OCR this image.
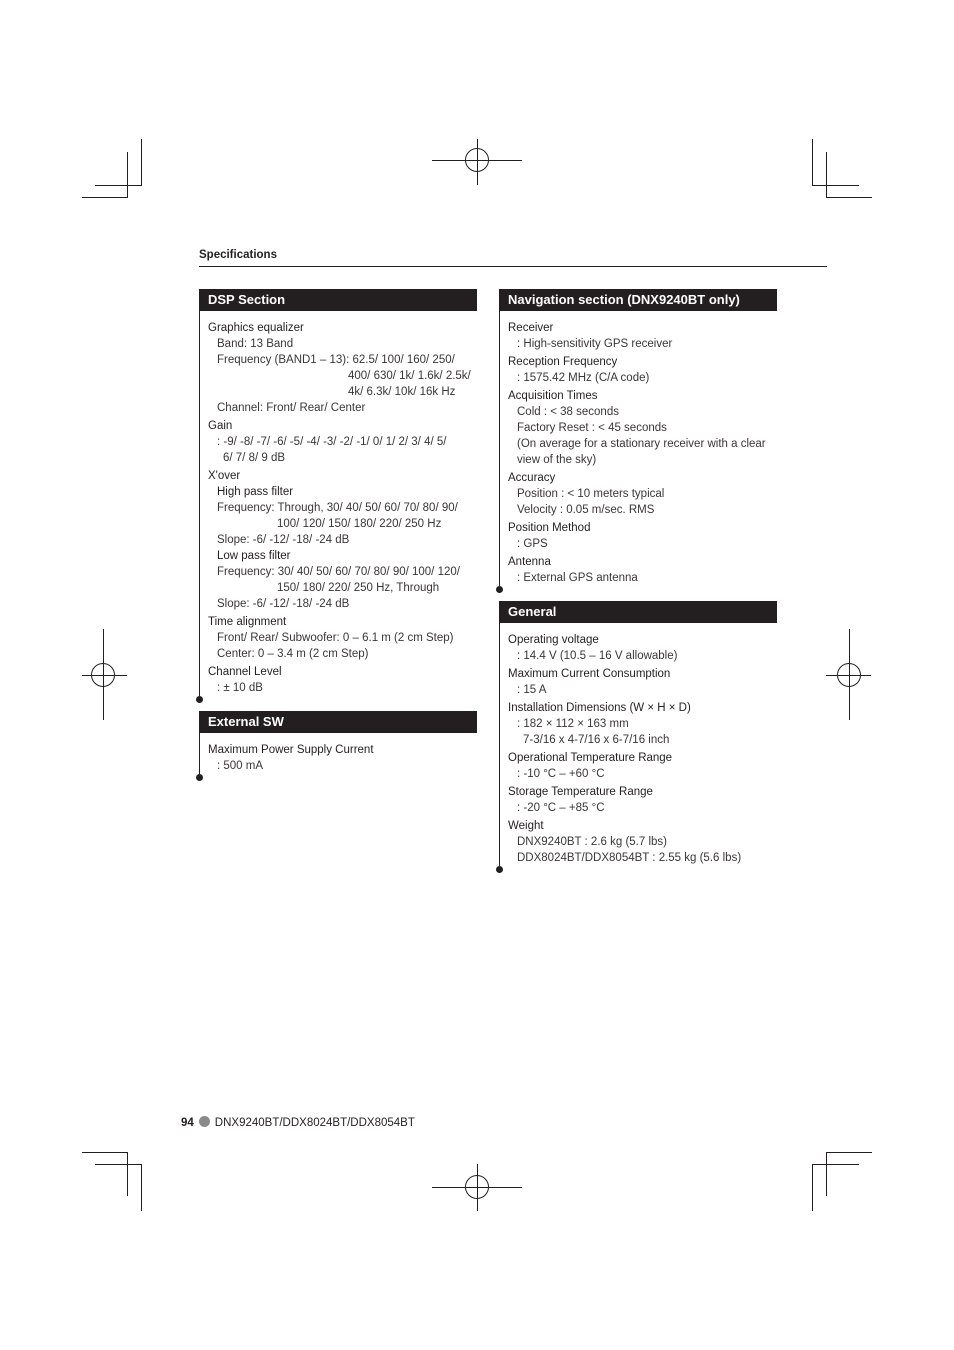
Specifications
DSP Section
Graphics equalizer
Band: 13 Band
Frequency (BAND1 – 13): 62.5/ 100/ 160/ 250/
400/ 630/ 1k/ 1.6k/ 2.5k/
4k/ 6.3k/ 10k/ 16k Hz
Channel: Front/ Rear/ Center
Gain
: -9/ -8/ -7/ -6/ -5/ -4/ -3/ -2/ -1/ 0/ 1/ 2/ 3/ 4/ 5/
6/ 7/ 8/ 9 dB
X'over
High pass filter
Frequency: Through, 30/ 40/ 50/ 60/ 70/ 80/ 90/
100/ 120/ 150/ 180/ 220/ 250 Hz
Slope: -6/ -12/ -18/ -24 dB
Low pass filter
Frequency: 30/ 40/ 50/ 60/ 70/ 80/ 90/ 100/ 120/
150/ 180/ 220/ 250 Hz, Through
Slope: -6/ -12/ -18/ -24 dB
Time alignment
Front/ Rear/ Subwoofer: 0 – 6.1 m (2 cm Step)
Center: 0 – 3.4 m (2 cm Step)
Channel Level
: ± 10 dB
External SW
Maximum Power Supply Current
: 500 mA
Navigation section (DNX9240BT only)
Receiver
: High-sensitivity GPS receiver
Reception Frequency
: 1575.42 MHz (C/A code)
Acquisition Times
Cold : < 38 seconds
Factory Reset : < 45 seconds
(On average for a stationary receiver with a clear
view of the sky)
Accuracy
Position : < 10 meters typical
Velocity : 0.05 m/sec. RMS
Position Method
: GPS
Antenna
: External GPS antenna
General
Operating voltage
: 14.4 V (10.5 – 16 V allowable)
Maximum Current Consumption
: 15 A
Installation Dimensions (W × H × D)
: 182 × 112 × 163 mm
7-3/16 x 4-7/16 x 6-7/16 inch
Operational Temperature Range
: -10 °C – +60 °C
Storage Temperature Range
: -20 °C – +85 °C
Weight
DNX9240BT : 2.6 kg (5.7 lbs)
DDX8024BT/DDX8054BT : 2.55 kg (5.6 lbs)
94 DNX9240BT/DDX8024BT/DDX8054BT
